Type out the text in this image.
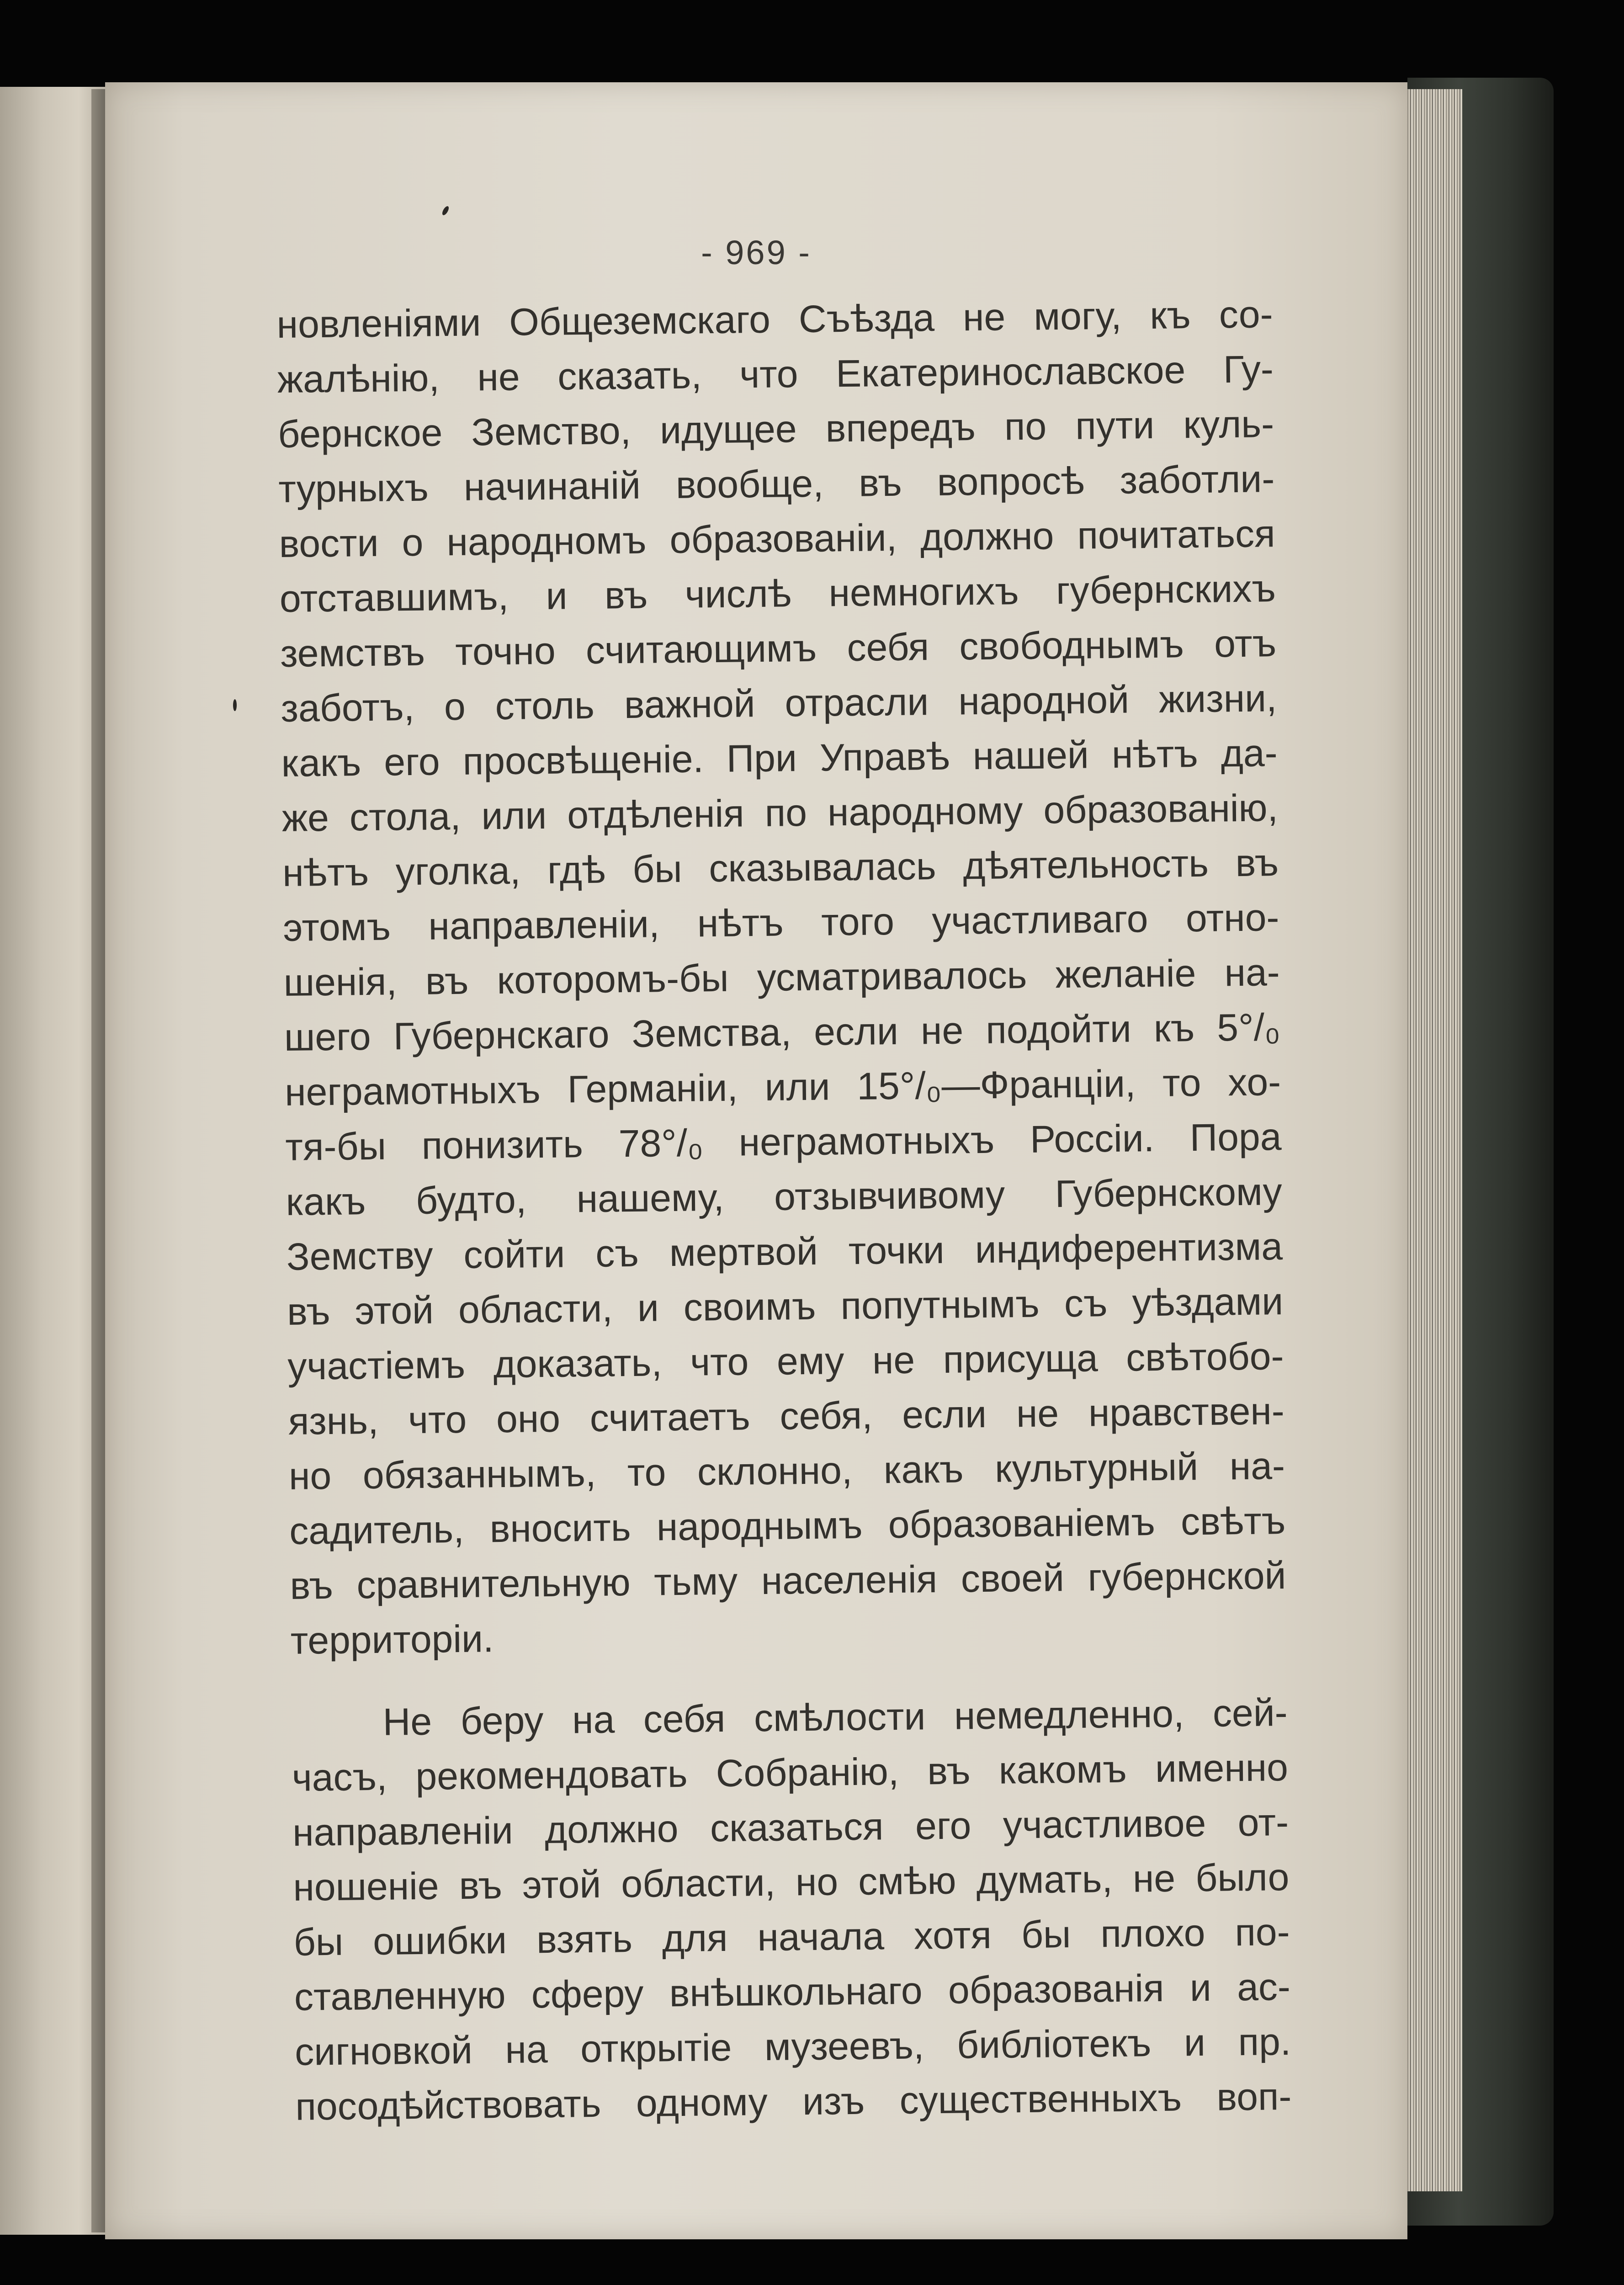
- 969 -
новленіями Общеземскаго Съѣзда не могу, къ со-
жалѣнію, не сказать, что Екатеринославское Гу-
бернское Земство, идущее впередъ по пути куль-
турныхъ начинаній вообще, въ вопросѣ заботли-
вости о народномъ образованіи, должно почитаться
отставшимъ, и въ числѣ немногихъ губернскихъ
земствъ точно считающимъ себя свободнымъ отъ
заботъ, о столь важной отрасли народной жизни,
какъ его просвѣщеніе. При Управѣ нашей нѣтъ да-
же стола, или отдѣленія по народному образованію,
нѣтъ уголка, гдѣ бы сказывалась дѣятельность въ
этомъ направленіи, нѣтъ того участливаго отно-
шенія, въ которомъ-бы усматривалось желаніе на-
шего Губернскаго Земства, если не подойти къ 5°/₀
неграмотныхъ Германіи, или 15°/₀—Франціи, то хо-
тя-бы понизить 78°/₀ неграмотныхъ Россіи. Пора
какъ будто, нашему, отзывчивому Губернскому
Земству сойти съ мертвой точки индиферентизма
въ этой области, и своимъ попутнымъ съ уѣздами
участіемъ доказать, что ему не присуща свѣтобо-
язнь, что оно считаетъ себя, если не нравствен-
но обязаннымъ, то склонно, какъ культурный на-
садитель, вносить народнымъ образованіемъ свѣтъ
въ сравнительную тьму населенія своей губернской
территоріи.
Не беру на себя смѣлости немедленно, сей-
часъ, рекомендовать Собранію, въ какомъ именно
направленіи должно сказаться его участливое от-
ношеніе въ этой области, но смѣю думать, не было
бы ошибки взять для начала хотя бы плохо по-
ставленную сферу внѣшкольнаго образованія и ас-
сигновкой на открытіе музеевъ, библіотекъ и пр.
посодѣйствовать одному изъ существенныхъ воп-
